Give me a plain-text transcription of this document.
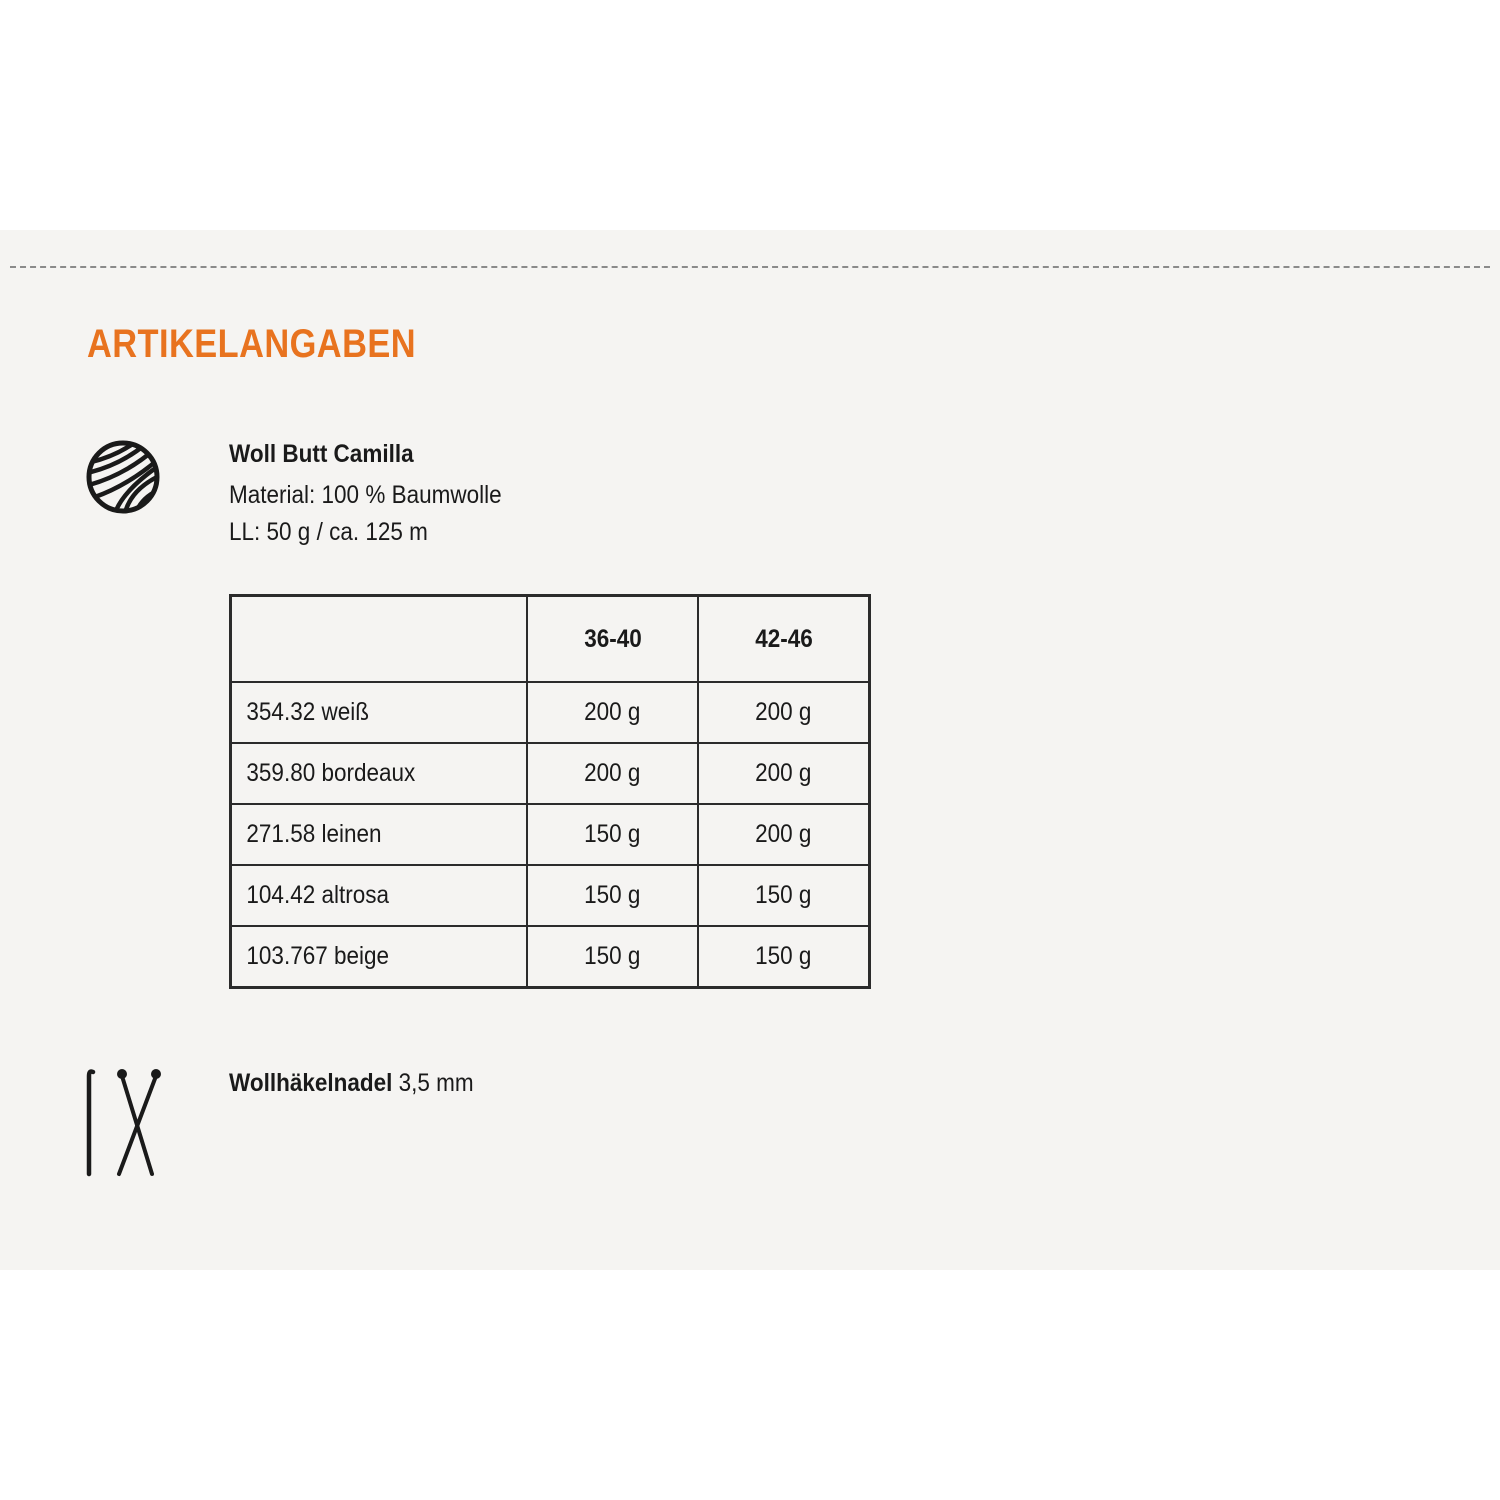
ARTIKELANGABEN
Woll Butt Camilla
Material: 100 % Baumwolle
LL: 50 g / ca. 125 m
	36-40	42-46
354.32 weiß	200 g	200 g
359.80 bordeaux	200 g	200 g
271.58 leinen	150 g	200 g
104.42 altrosa	150 g	150 g
103.767 beige	150 g	150 g
Wollhäkelnadel 3,5 mm
